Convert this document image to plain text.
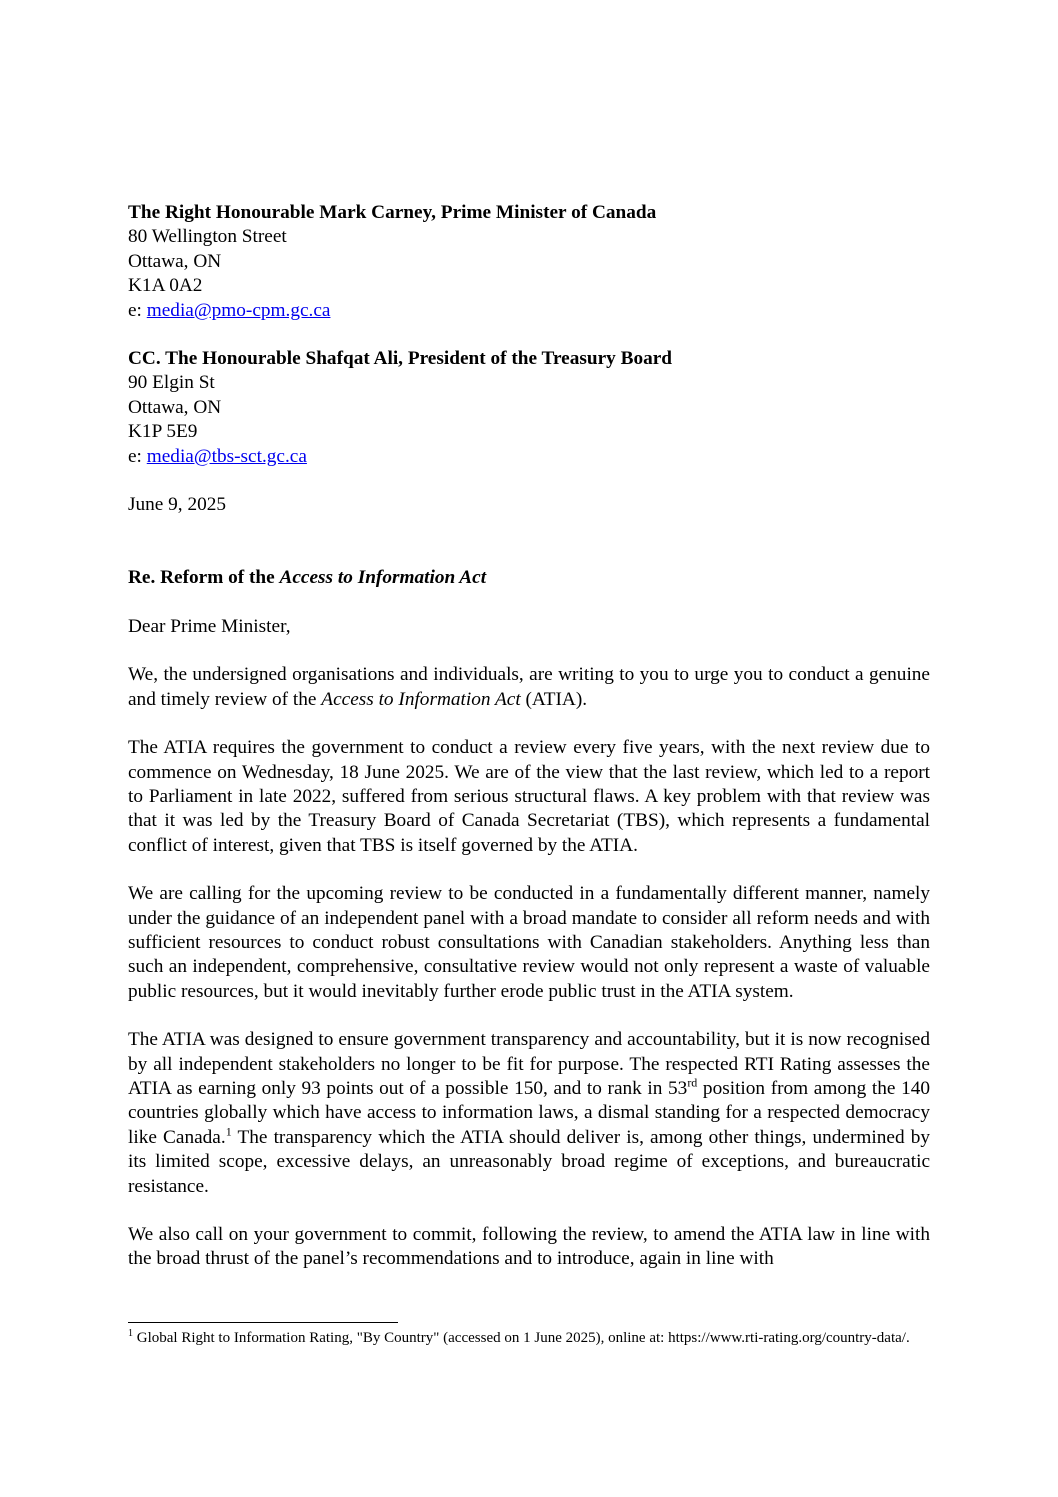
The Right Honourable Mark Carney, Prime Minister of Canada

80 Wellington Street

Ottawa, ON

K1A 0A2

e: media@pmo-cpm.gc.ca

CC. The Honourable Shafqat Ali, President of the Treasury Board

90 Elgin St

Ottawa, ON

K1P 5E9

e: media@tbs-sct.gc.ca

June 9, 2025

Re. Reform of the Access to Information Act

Dear Prime Minister,

We, the undersigned organisations and individuals, are writing to you to urge you to conduct a genuine and timely review of the Access to Information Act (ATIA).

The ATIA requires the government to conduct a review every five years, with the next review due to commence on Wednesday, 18 June 2025. We are of the view that the last review, which led to a report to Parliament in late 2022, suffered from serious structural flaws. A key problem with that review was that it was led by the Treasury Board of Canada Secretariat (TBS), which represents a fundamental conflict of interest, given that TBS is itself governed by the ATIA.

We are calling for the upcoming review to be conducted in a fundamentally different manner, namely under the guidance of an independent panel with a broad mandate to consider all reform needs and with sufficient resources to conduct robust consultations with Canadian stakeholders. Anything less than such an independent, comprehensive, consultative review would not only represent a waste of valuable public resources, but it would inevitably further erode public trust in the ATIA system.

The ATIA was designed to ensure government transparency and accountability, but it is now recognised by all independent stakeholders no longer to be fit for purpose. The respected RTI Rating assesses the ATIA as earning only 93 points out of a possible 150, and to rank in 53rd position from among the 140 countries globally which have access to information laws, a dismal standing for a respected democracy like Canada.$^1$ The transparency which the ATIA should deliver is, among other things, undermined by its limited scope, excessive delays, an unreasonably broad regime of exceptions, and bureaucratic resistance.

We also call on your government to commit, following the review, to amend the ATIA law in line with the broad thrust of the panel’s recommendations and to introduce, again in line with

$^1$ Global Right to Information Rating, "By Country" (accessed on 1 June 2025), online at: https://www.rti-rating.org/country-data/.
